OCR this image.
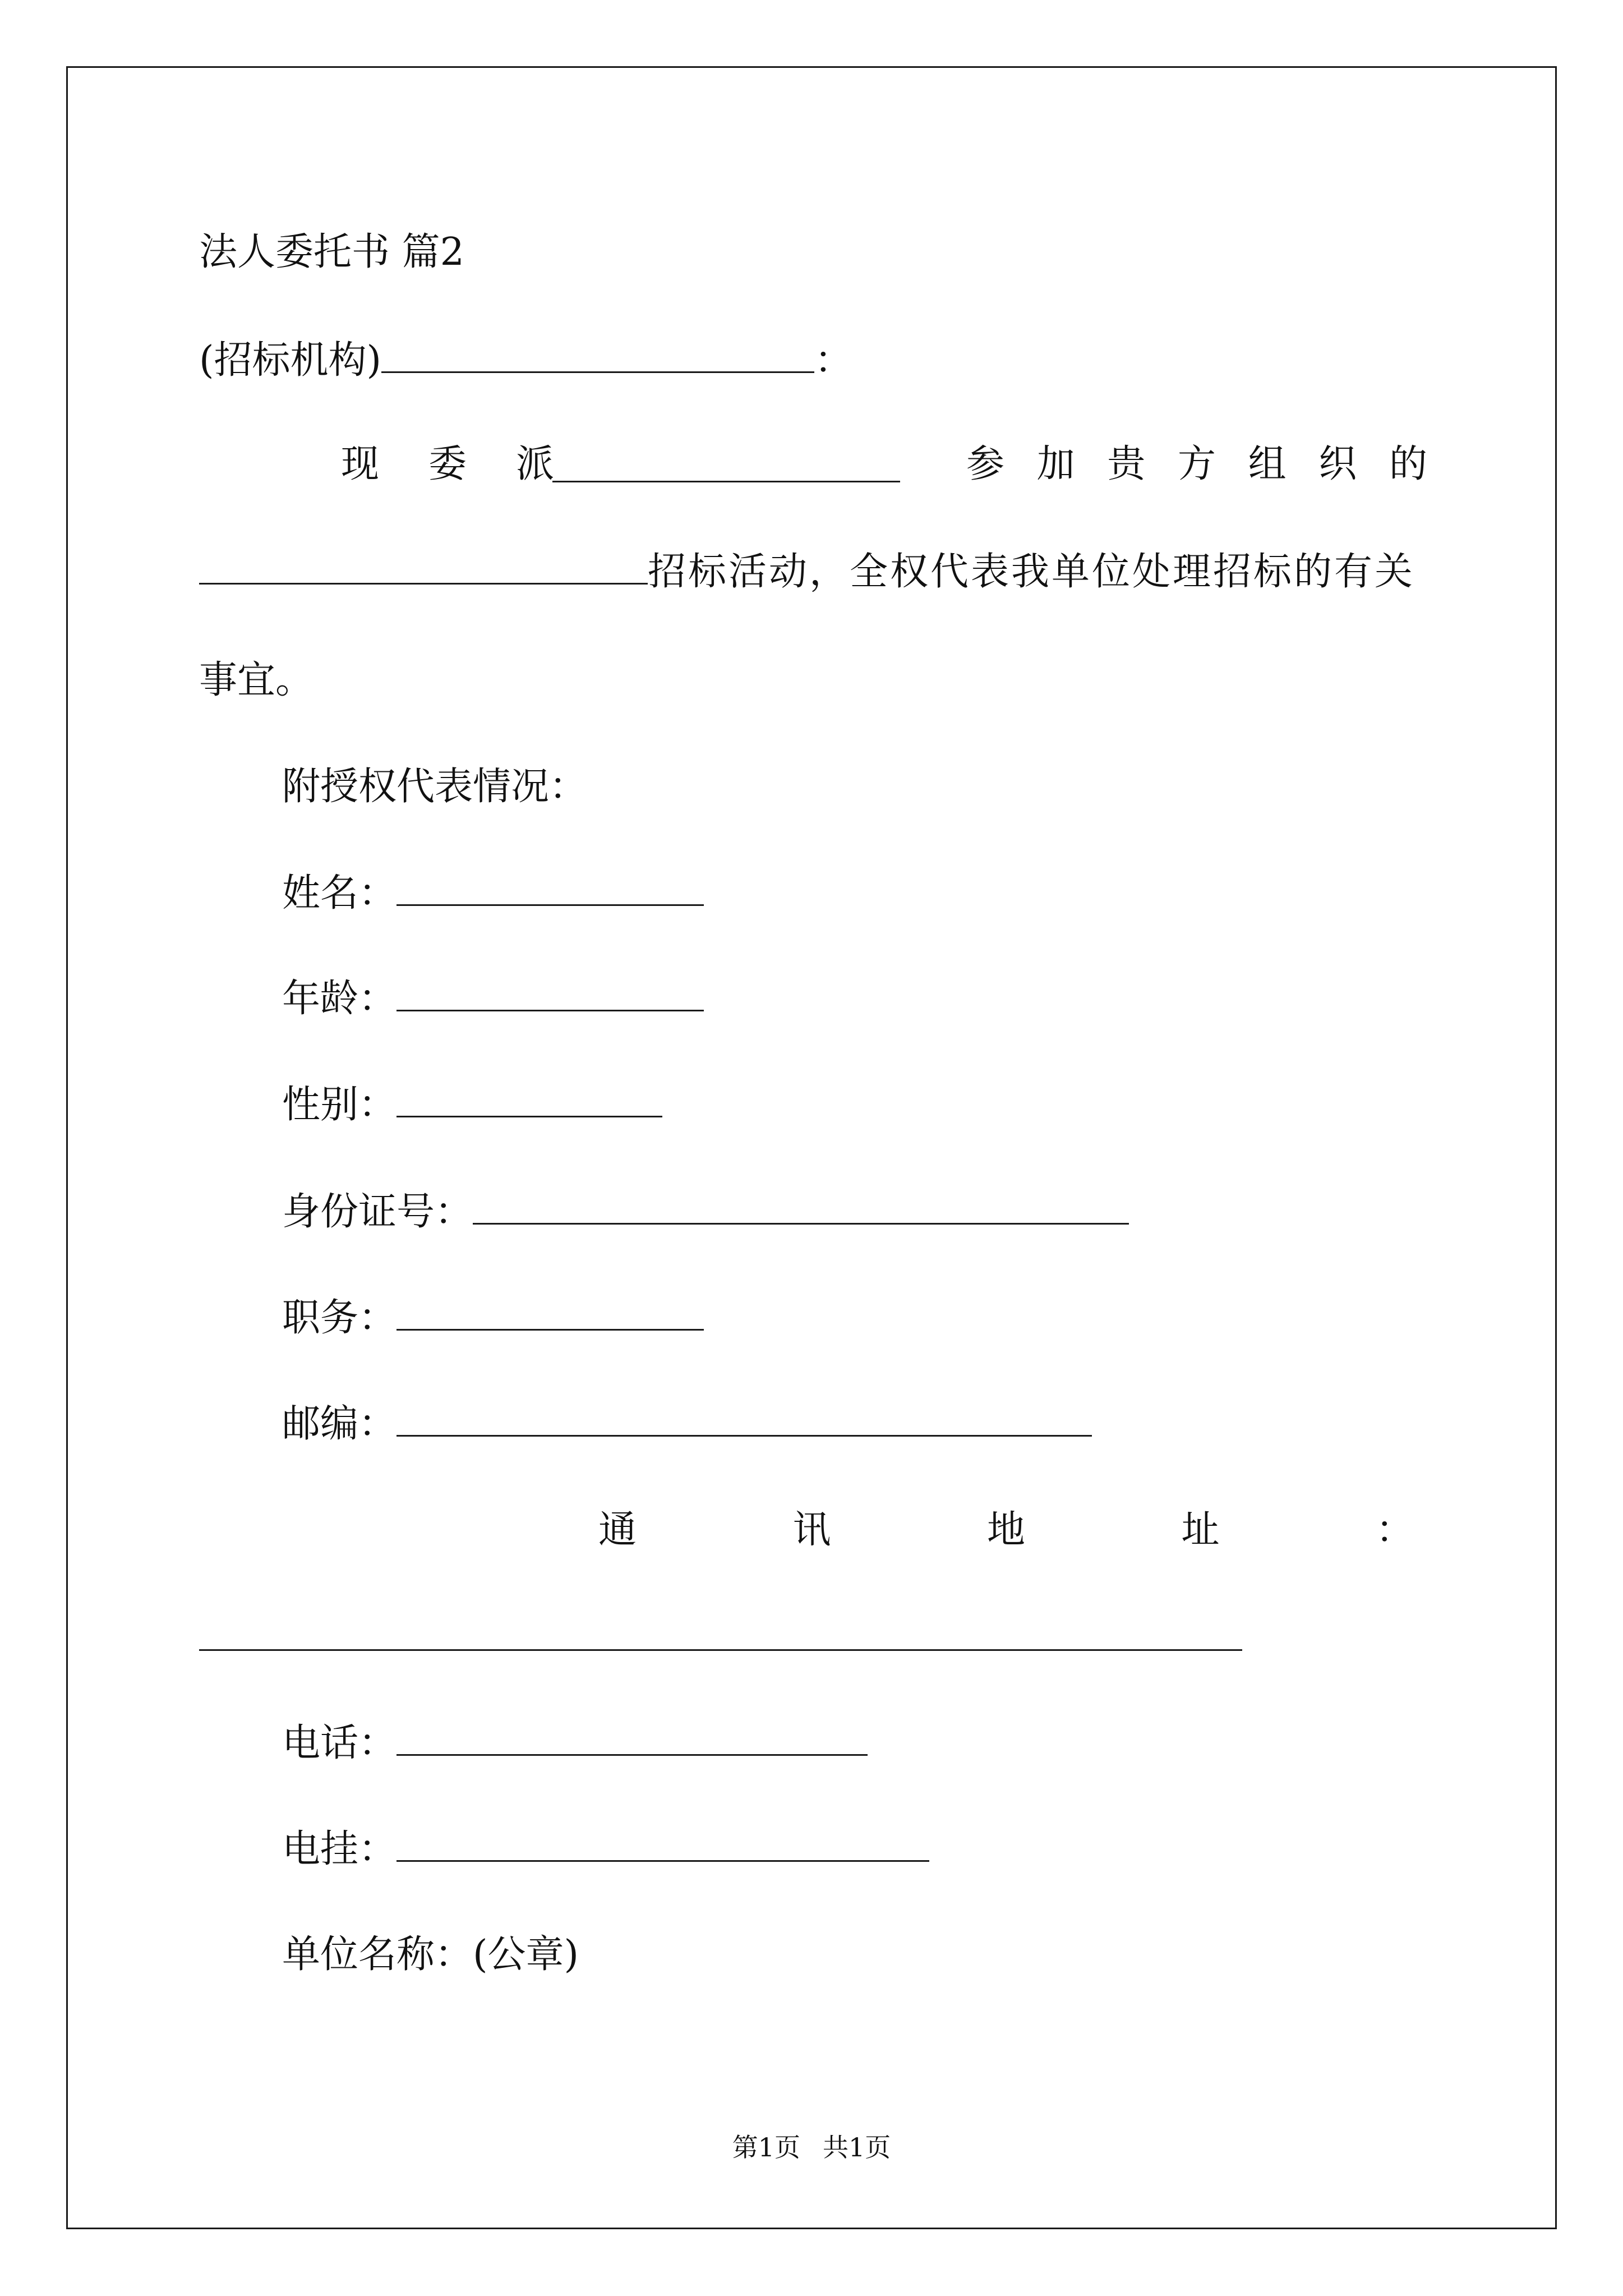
法人委托书 篇2
(招标机构)	：
现 委 派	参 加 贵 方 组 织 的
招标活动，全权代表我单位处理招标的有关
事宜。
附授权代表情况：
姓名：
年龄：
性别：
身份证号：
职务：
邮编：
通	讯	地	址	：
电话：
电挂：
单位名称：(公章)
第1页 共1页
